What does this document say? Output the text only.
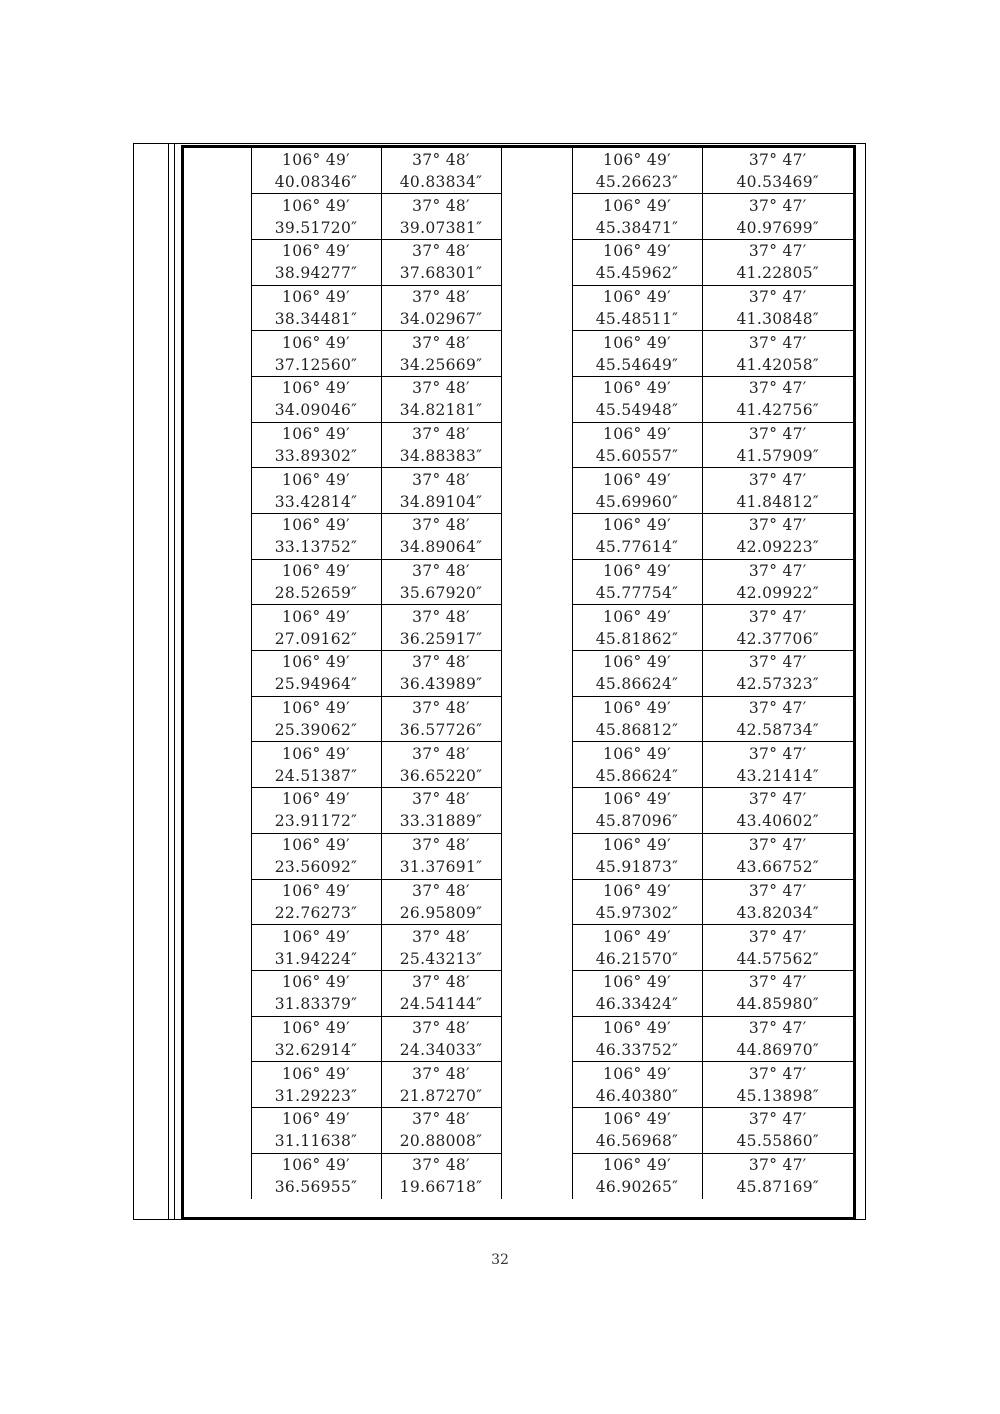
	106° 49′
40.08346″	37° 48′
40.83834″		106° 49′
45.26623″	37° 47′
40.53469″

	106° 49′
39.51720″	37° 48′
39.07381″		106° 49′
45.38471″	37° 47′
40.97699″

	106° 49′
38.94277″	37° 48′
37.68301″		106° 49′
45.45962″	37° 47′
41.22805″

	106° 49′
38.34481″	37° 48′
34.02967″		106° 49′
45.48511″	37° 47′
41.30848″

	106° 49′
37.12560″	37° 48′
34.25669″		106° 49′
45.54649″	37° 47′
41.42058″

	106° 49′
34.09046″	37° 48′
34.82181″		106° 49′
45.54948″	37° 47′
41.42756″

	106° 49′
33.89302″	37° 48′
34.88383″		106° 49′
45.60557″	37° 47′
41.57909″

	106° 49′
33.42814″	37° 48′
34.89104″		106° 49′
45.69960″	37° 47′
41.84812″

	106° 49′
33.13752″	37° 48′
34.89064″		106° 49′
45.77614″	37° 47′
42.09223″

	106° 49′
28.52659″	37° 48′
35.67920″		106° 49′
45.77754″	37° 47′
42.09922″

	106° 49′
27.09162″	37° 48′
36.25917″		106° 49′
45.81862″	37° 47′
42.37706″

	106° 49′
25.94964″	37° 48′
36.43989″		106° 49′
45.86624″	37° 47′
42.57323″

	106° 49′
25.39062″	37° 48′
36.57726″		106° 49′
45.86812″	37° 47′
42.58734″

	106° 49′
24.51387″	37° 48′
36.65220″		106° 49′
45.86624″	37° 47′
43.21414″

	106° 49′
23.91172″	37° 48′
33.31889″		106° 49′
45.87096″	37° 47′
43.40602″

	106° 49′
23.56092″	37° 48′
31.37691″		106° 49′
45.91873″	37° 47′
43.66752″

	106° 49′
22.76273″	37° 48′
26.95809″		106° 49′
45.97302″	37° 47′
43.82034″

	106° 49′
31.94224″	37° 48′
25.43213″		106° 49′
46.21570″	37° 47′
44.57562″

	106° 49′
31.83379″	37° 48′
24.54144″		106° 49′
46.33424″	37° 47′
44.85980″

	106° 49′
32.62914″	37° 48′
24.34033″		106° 49′
46.33752″	37° 47′
44.86970″

	106° 49′
31.29223″	37° 48′
21.87270″		106° 49′
46.40380″	37° 47′
45.13898″

	106° 49′
31.11638″	37° 48′
20.88008″		106° 49′
46.56968″	37° 47′
45.55860″

	106° 49′
36.56955″	37° 48′
19.66718″		106° 49′
46.90265″	37° 47′
45.87169″
32
